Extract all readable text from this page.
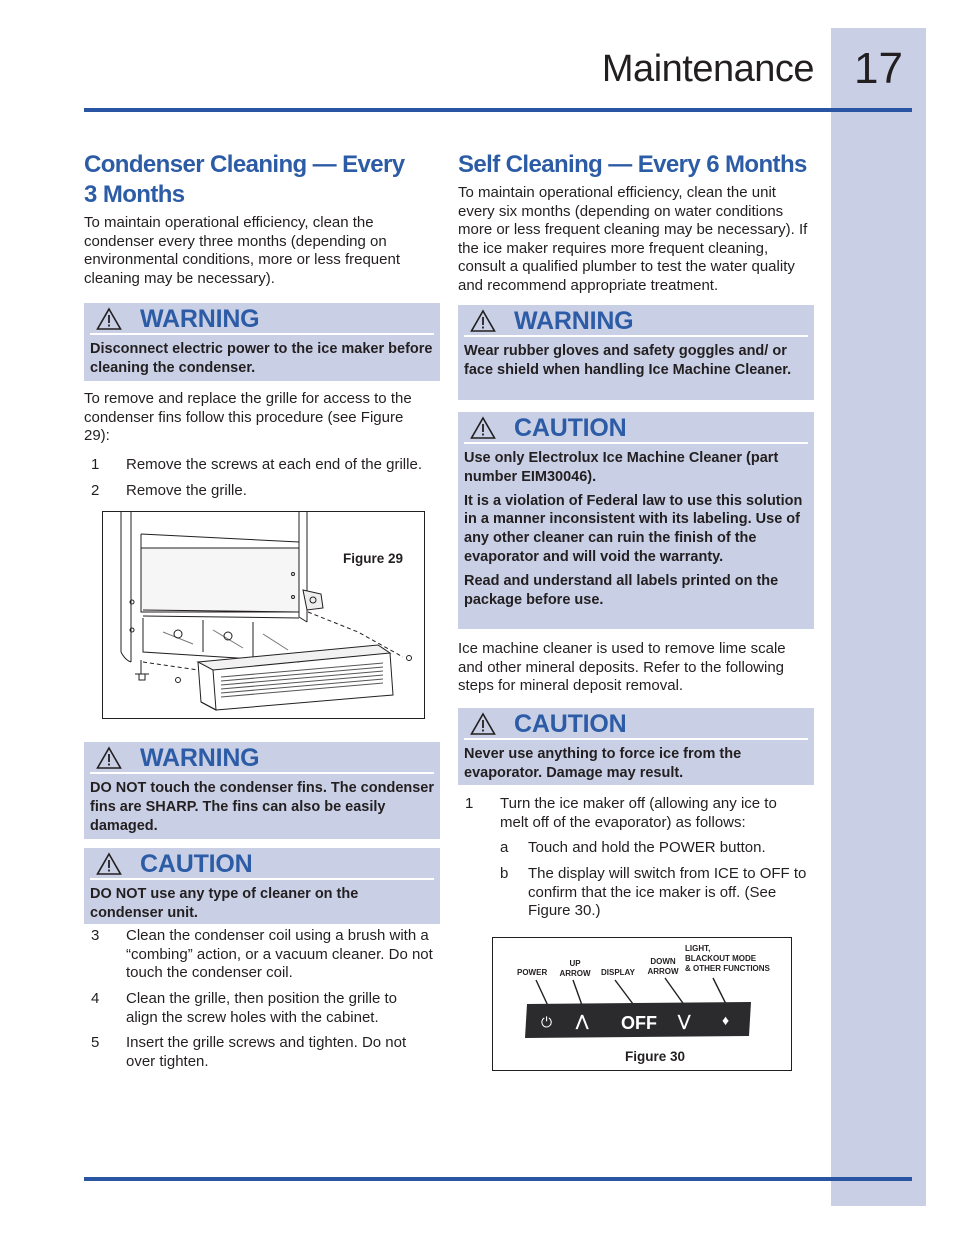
17
Maintenance
Condenser Cleaning — Every
3 Months

To maintain operational efficiency, clean the condenser every three months (depending on environmental conditions, more or less frequent cleaning may be necessary).

WARNING

Disconnect electric power to the ice maker before cleaning the condenser.

To remove and replace the grille for access to the condenser fins follow this procedure (see Figure 29):

1 Remove the screws at each end of the grille.
2 Remove the grille.
Figure 29
WARNING

DO NOT touch the condenser fins. The condenser fins are SHARP. The fins can also be easily damaged.

CAUTION

DO NOT use any type of cleaner on the condenser unit.

3 Clean the condenser coil using a brush with a “combing” action, or a vacuum cleaner. Do not touch the condenser coil.
4 Clean the grille, then position the grille to align the screw holes with the cabinet.
5 Insert the grille screws and tighten. Do not over tighten.
Self Cleaning — Every 6 Months

To maintain operational efficiency, clean the unit every six months (depending on water conditions more or less frequent cleaning may be necessary). If the ice maker requires more frequent cleaning, consult a qualified plumber to test the water quality and recommend appropriate treatment.

WARNING

Wear rubber gloves and safety goggles and/ or face shield when handling Ice Machine Cleaner.

CAUTION

Use only Electrolux Ice Machine Cleaner (part number EIM30046).

It is a violation of Federal law to use this solution in a manner inconsistent with its labeling. Use of any other cleaner can ruin the finish of the evaporator and will void the warranty.

Read and understand all labels printed on the package before use.

Ice machine cleaner is used to remove lime scale and other mineral deposits. Refer to the following steps for mineral deposit removal.

CAUTION

Never use anything to force ice from the evaporator. Damage may result.

1 Turn the ice maker off (allowing any ice to melt off of the evaporator) as follows:
a Touch and hold the POWER button.
b The display will switch from ICE to OFF to confirm that the ice maker is off. (See Figure 30.)
POWER
UP
ARROW	DISPLAY
DOWN
ARROW
LIGHT,
BLACKOUT MODE
& OTHER FUNCTIONS
⏻ ⋀ OFF ⋁ ♦
Figure 30
